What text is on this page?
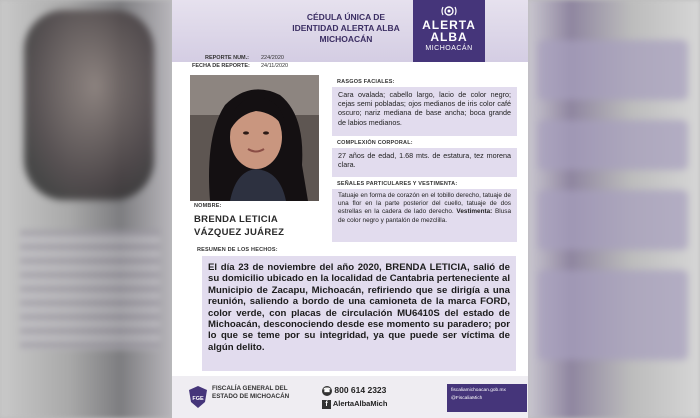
CÉDULA ÚNICA DE
IDENTIDAD ALERTA ALBA
MICHOACÁN
ALERTA
ALBA
MICHOACÁN
REPORTE NUM.: 224/2020
FECHA DE REPORTE: 24/11/2020
NOMBRE:
BRENDA LETICIA
VÁZQUEZ JUÁREZ
RASGOS FACIALES:
Cara ovalada; cabello largo, lacio de color negro; cejas semi pobladas; ojos medianos de iris color café oscuro; nariz mediana de base ancha; boca grande de labios medianos.
COMPLEXIÓN CORPORAL:
27 años de edad, 1.68 mts. de estatura, tez morena clara.
SEÑALES PARTICULARES Y VESTIMENTA:
Tatuaje en forma de corazón en el tobillo derecho, tatuaje de una flor en la parte posterior del cuello, tatuaje de dos estrellas en la cadera de lado derecho. Vestimenta: Blusa de color negro y pantalón de mezclilla.
RESUMEN DE LOS HECHOS:
El día 23 de noviembre del año 2020, BRENDA LETICIA, salió de su domicilio ubicado en la localidad de Cantabria perteneciente al Municipio de Zacapu, Michoacán, refiriendo que se dirigía a una reunión, saliendo a bordo de una camioneta de la marca FORD, color verde, con placas de circulación MU6410S del estado de Michoacán, desconociendo desde ese momento su paradero; por lo que se teme por su integridad, ya que puede ser víctima de algún delito.
FGE
FISCALÍA GENERAL DEL
ESTADO DE MICHOACÁN
☎ 800 614 2323
f AlertaAlbaMich
fiscaliamichoacan.gob.mx
@FiscaliaMich
